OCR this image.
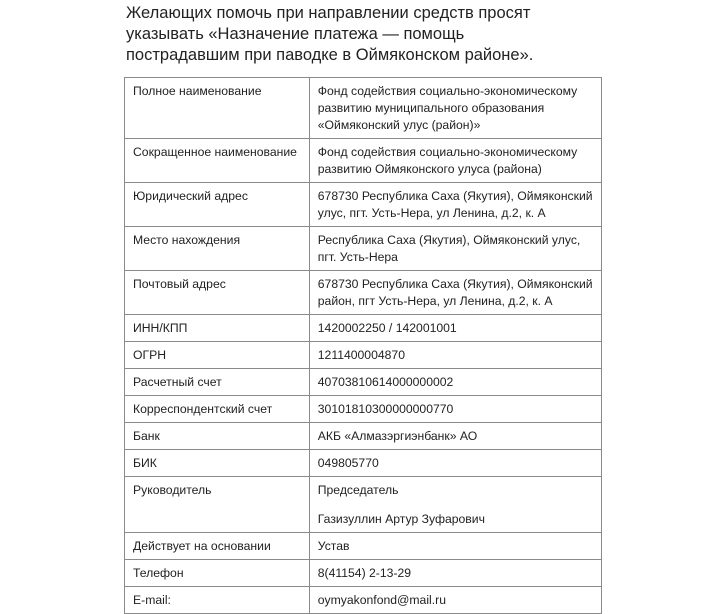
Желающих помочь при направлении средств просят указывать «Назначение платежа — помощь пострадавшим при паводке в Оймяконском районе».

Полное наименование	Фонд содействия социально-экономическому развитию муниципального образования «Оймяконский улус (район)»
Сокращенное наименование	Фонд содействия социально-экономическому развитию Оймяконского улуса (района)
Юридический адрес	678730 Республика Саха (Якутия), Оймяконский улус, пгт. Усть-Нера, ул Ленина, д.2, к. А
Место нахождения	Республика Саха (Якутия), Оймяконский улус, пгт. Усть-Нера
Почтовый адрес	678730 Республика Саха (Якутия), Оймяконский район, пгт Усть-Нера, ул Ленина, д.2, к. А
ИНН/КПП	1420002250 / 142001001
ОГРН	1211400004870
Расчетный счет	40703810614000000002
Корреспондентский счет	30101810300000000770
Банк	АКБ «Алмазэргиэнбанк» АО
БИК	049805770
Руководитель	Председатель
Газизуллин Артур Зуфарович

Действует на основании	Устав
Телефон	8(41154) 2-13-29
E-mail:	oymyakonfond@mail.ru
